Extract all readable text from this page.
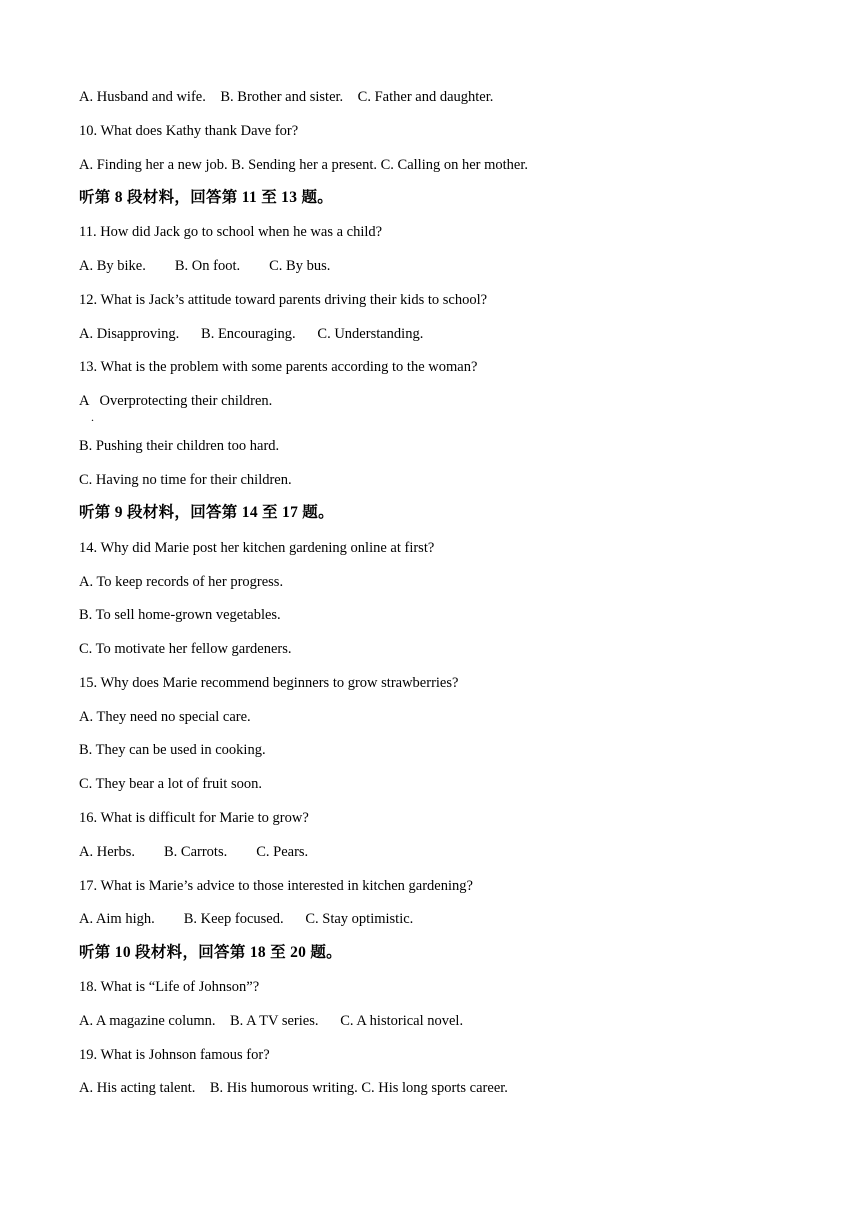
A. Husband and wife.    B. Brother and sister.    C. Father and daughter.
10. What does Kathy thank Dave for?
A. Finding her a new job. B. Sending her a present. C. Calling on her mother.
听第 8 段材料，回答第 11 至 13 题。
11. How did Jack go to school when he was a child?
A. By bike.        B. On foot.        C. By bus.
12. What is Jack’s attitude toward parents driving their kids to school?
A. Disapproving.      B. Encouraging.      C. Understanding.
13. What is the problem with some parents according to the woman?
A   Overprotecting their children.
.
B. Pushing their children too hard.
C. Having no time for their children.
听第 9 段材料，回答第 14 至 17 题。
14. Why did Marie post her kitchen gardening online at first?
A. To keep records of her progress.
B. To sell home-grown vegetables.
C. To motivate her fellow gardeners.
15. Why does Marie recommend beginners to grow strawberries?
A. They need no special care.
B. They can be used in cooking.
C. They bear a lot of fruit soon.
16. What is difficult for Marie to grow?
A. Herbs.        B. Carrots.        C. Pears.
17. What is Marie’s advice to those interested in kitchen gardening?
A. Aim high.        B. Keep focused.      C. Stay optimistic.
听第 10 段材料，回答第 18 至 20 题。
18. What is “Life of Johnson”?
A. A magazine column.    B. A TV series.      C. A historical novel.
19. What is Johnson famous for?
A. His acting talent.    B. His humorous writing. C. His long sports career.
